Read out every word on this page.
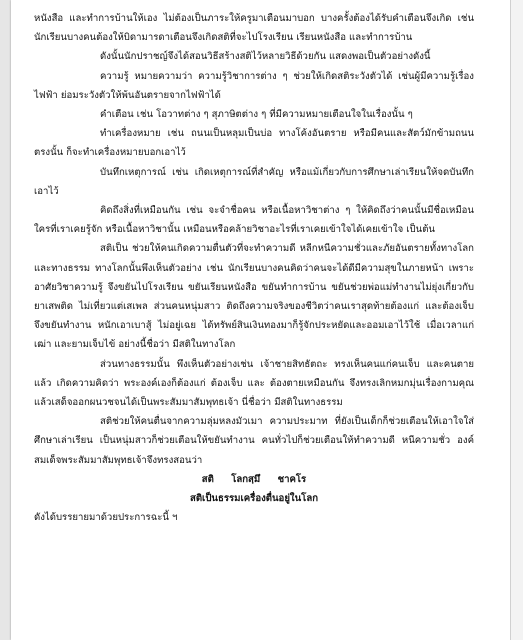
หนังสือ และทำการบ้านให้เอง ไม่ต้องเป็นภาระให้ครูมาเตือนมาบอก บางครั้งต้องได้รับคำเตือนจึงเกิด เช่น นักเรียนบางคนต้องให้บิดามารดาเตือนจึงเกิดสติที่จะไปโรงเรียน เรียนหนังสือ และทำการบ้าน

ดังนั้นนักปราชญ์จึงได้สอนวิธีสร้างสติไว้หลายวิธีด้วยกัน แสดงพอเป็นตัวอย่างดังนี้

ความรู้ หมายความว่า ความรู้วิชาการต่าง ๆ ช่วยให้เกิดสติระวังตัวได้ เช่นผู้มีความรู้เรื่องไฟฟ้า ย่อมระวังตัวให้พ้นอันตรายจากไฟฟ้าได้

คำเตือน เช่น โอวาทต่าง ๆ สุภาษิตต่าง ๆ ที่มีความหมายเตือนใจในเรื่องนั้น ๆ

ทำเครื่องหมาย เช่น ถนนเป็นหลุมเป็นบ่อ ทางโค้งอันตราย หรือมีคนและสัตว์มักข้ามถนนตรงนั้น ก็จะทำเครื่องหมายบอกเอาไว้

บันทึกเหตุการณ์ เช่น เกิดเหตุการณ์ที่สำคัญ หรือแม้เกี่ยวกับการศึกษาเล่าเรียนให้จดบันทึกเอาไว้

คิดถึงสิ่งที่เหมือนกัน เช่น จะจำชื่อคน หรือเนื้อหาวิชาต่าง ๆ ให้คิดถึงว่าคนนั้นมีชื่อเหมือนใครที่เราเคยรู้จัก หรือเนื้อหาวิชานั้น เหมือนหรือคล้ายวิชาอะไรที่เราเคยเข้าใจได้เคยเข้าใจ เป็นต้น

สติเป็น ช่วยให้คนเกิดความตื่นตัวที่จะทำความดี หลีกหนีความชั่วและภัยอันตรายทั้งทางโลกและทางธรรม ทางโลกนั้นพึงเห็นตัวอย่าง เช่น นักเรียนบางคนคิดว่าคนจะได้ดีมีความสุขในภายหน้า เพราะอาศัยวิชาความรู้ จึงขยันไปโรงเรียน ขยันเรียนหนังสือ ขยันทำการบ้าน ขยันช่วยพ่อแม่ทำงานไม่ยุ่งเกี่ยวกับยาเสพติด ไม่เที่ยวแต่เสเพล ส่วนคนหนุ่มสาว ติดถึงความจริงของชีวิตว่าคนเราสุดท้ายต้องแก่ และต้องเจ็บ จึงขยันทำงาน หนักเอาเบาสู้ ไม่อยู่เฉย ได้ทรัพย์สินเงินทองมาก็รู้จักประหยัดและออมเอาไว้ใช้ เมื่อเวลาแก่เฒ่า และยามเจ็บไข้ อย่างนี้ชื่อว่า มีสติในทางโลก

ส่วนทางธรรมนั้น พึงเห็นตัวอย่างเช่น เจ้าชายสิทธัตถะ ทรงเห็นคนแก่คนเจ็บ และคนตายแล้ว เกิดความคิดว่า พระองค์เองก็ต้องแก่ ต้องเจ็บ และ ต้องตายเหมือนกัน จึงทรงเลิกหมกมุ่นเรื่องกามคุณ แล้วเสด็จออกผนวชจนได้เป็นพระสัมมาสัมพุทธเจ้า นี่ชื่อว่า มีสติในทางธรรม

สติช่วยให้คนตื่นจากความลุ่มหลงมัวเมา ความประมาท ที่ยังเป็นเด็กก็ช่วยเตือนให้เอาใจใส่ศึกษาเล่าเรียน เป็นหนุ่มสาวก็ช่วยเตือนให้ขยันทำงาน คนทั่วไปก็ช่วยเตือนให้ทำความดี หนีความชั่ว องค์สมเด็จพระสัมมาสัมพุทธเจ้าจึงทรงสอนว่า

สติ โลกสฺมึ ชาคโร

สติเป็นธรรมเครื่องตื่นอยู่ในโลก

ดังได้บรรยายมาด้วยประการฉะนี้ ฯ
